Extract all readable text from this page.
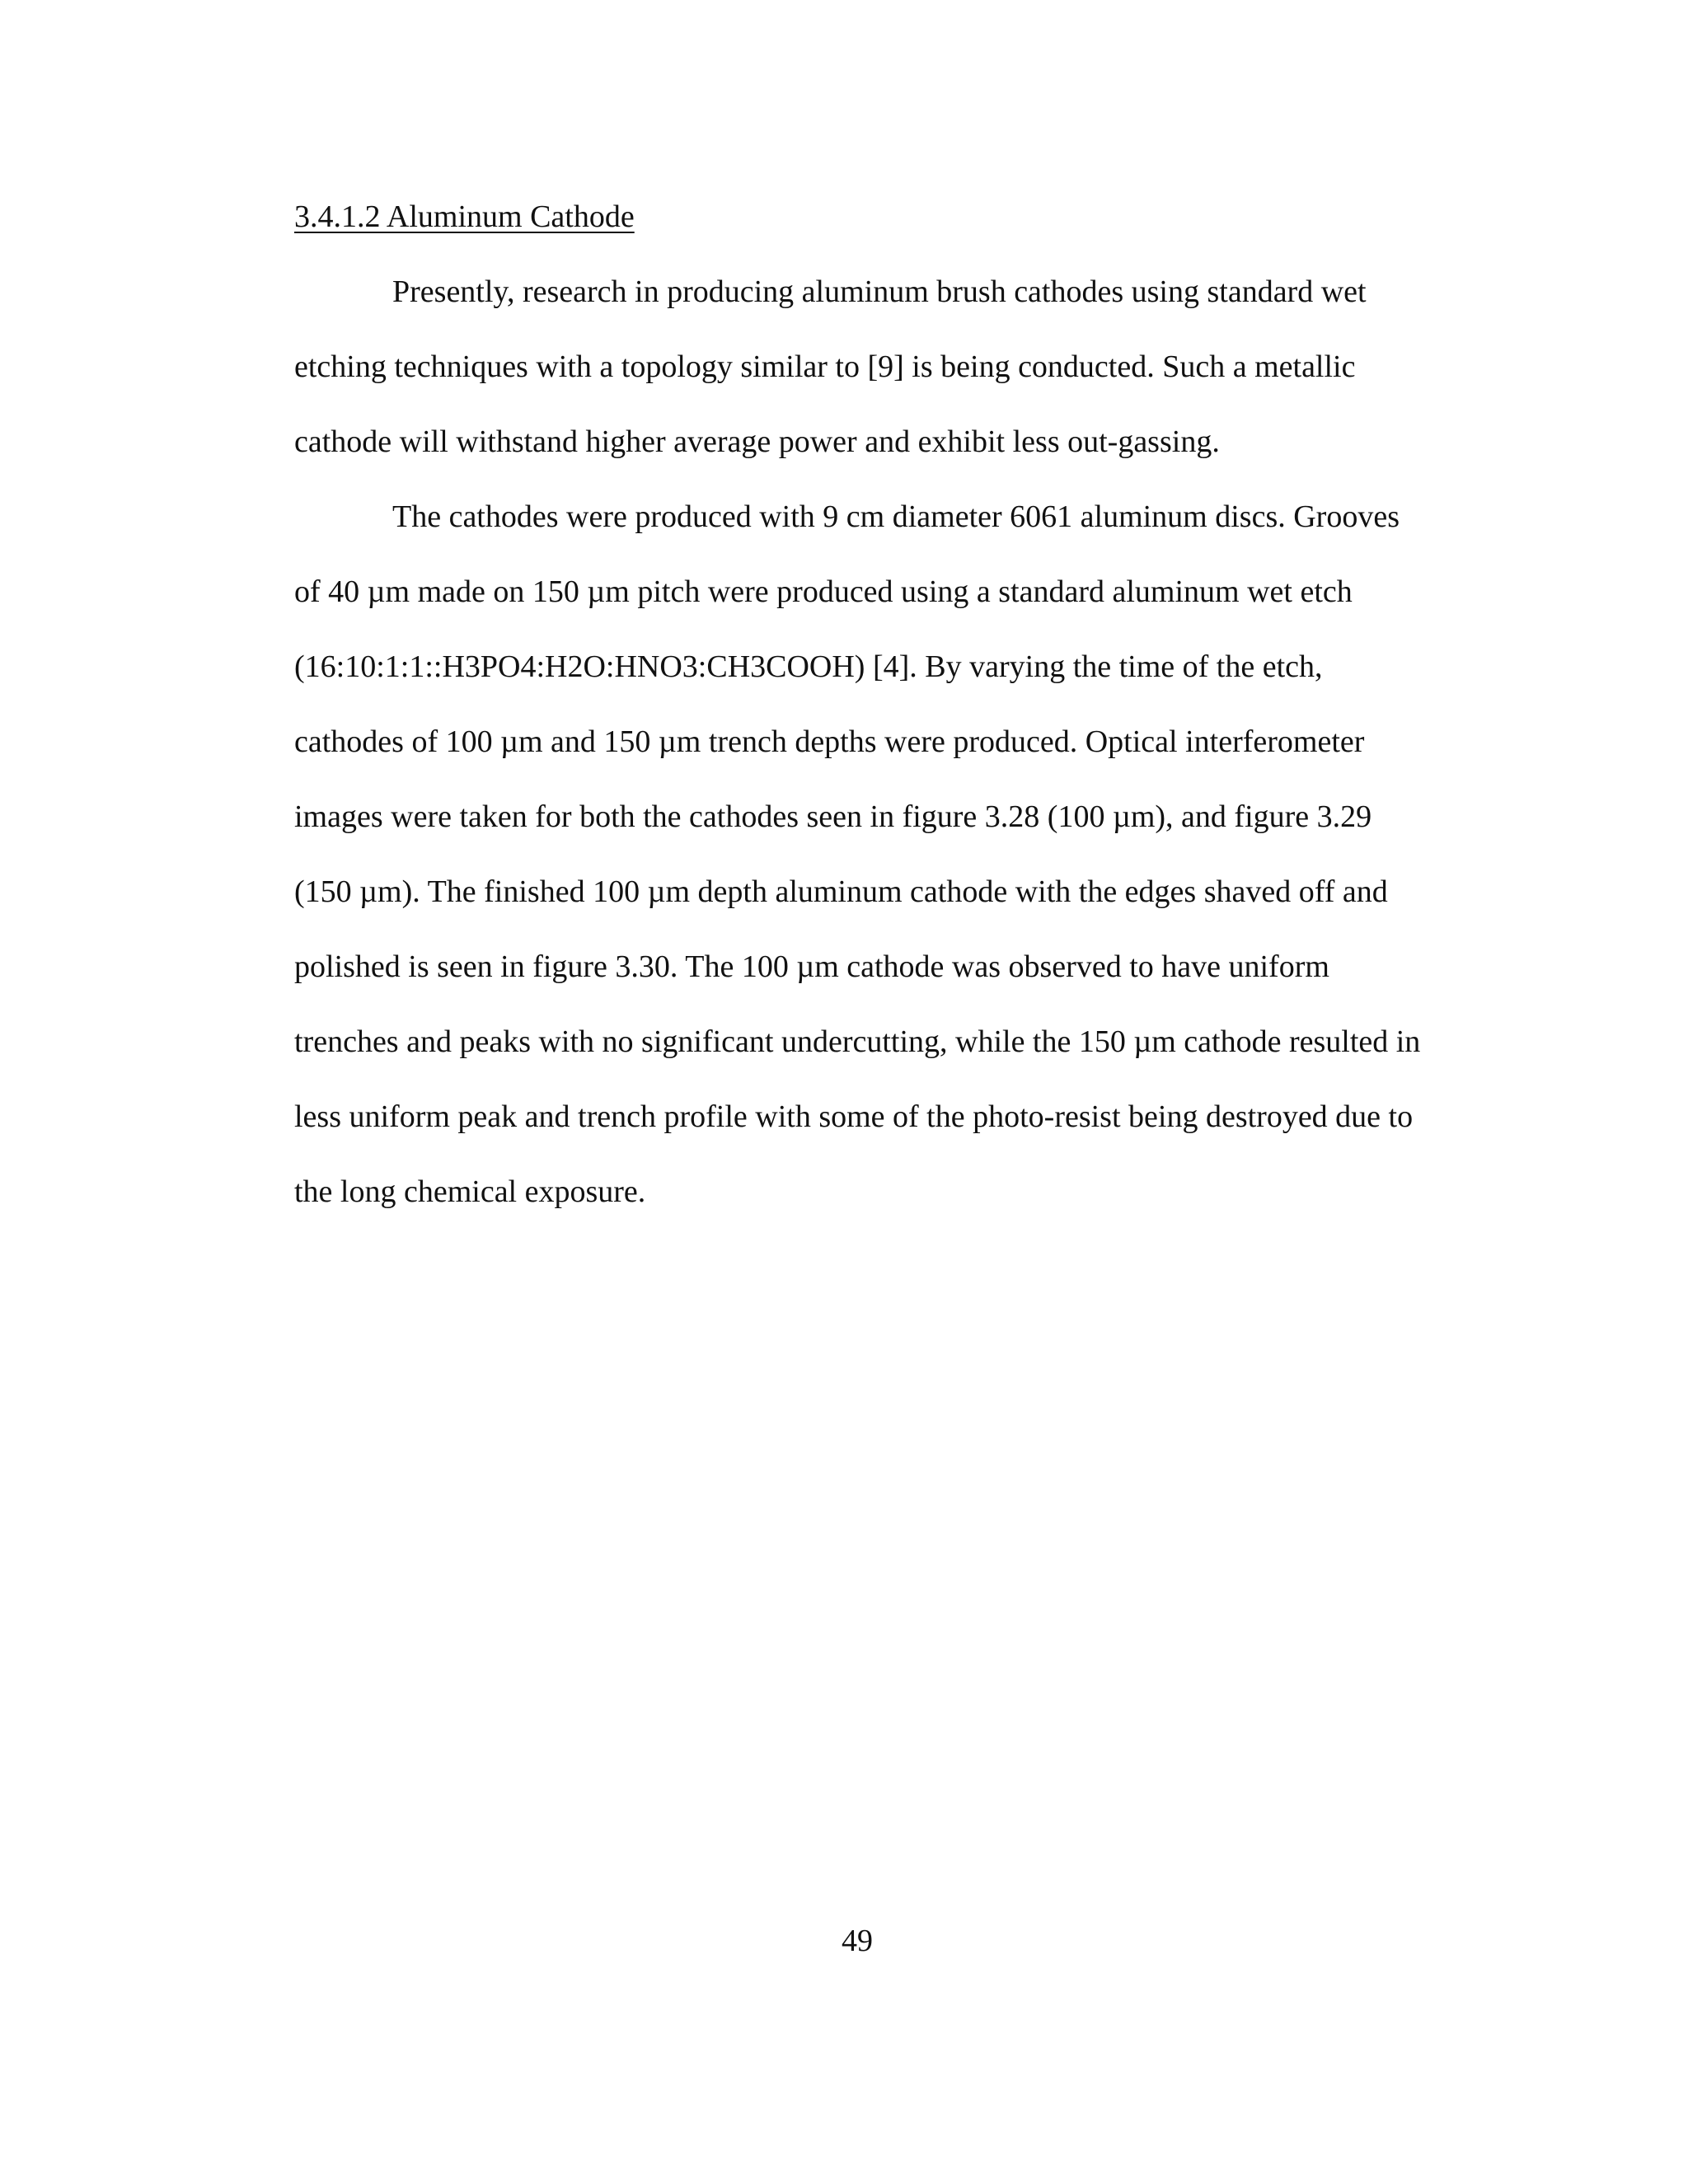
3.4.1.2 Aluminum Cathode
Presently, research in producing aluminum brush cathodes using standard wet
etching techniques with a topology similar to [9] is being conducted. Such a metallic
cathode will withstand higher average power and exhibit less out-gassing.
The cathodes were produced with 9 cm diameter 6061 aluminum discs. Grooves
of 40 µm made on 150 µm pitch were produced using a standard aluminum wet etch
(16:10:1:1::H3PO4:H2O:HNO3:CH3COOH) [4]. By varying the time of the etch,
cathodes of 100 µm and 150 µm trench depths were produced. Optical interferometer
images were taken for both the cathodes seen in figure 3.28 (100 µm), and figure 3.29
(150 µm). The finished 100 µm depth aluminum cathode with the edges shaved off and
polished is seen in figure 3.30. The 100 µm cathode was observed to have uniform
trenches and peaks with no significant undercutting, while the 150 µm cathode resulted in
less uniform peak and trench profile with some of the photo-resist being destroyed due to
the long chemical exposure.
49
